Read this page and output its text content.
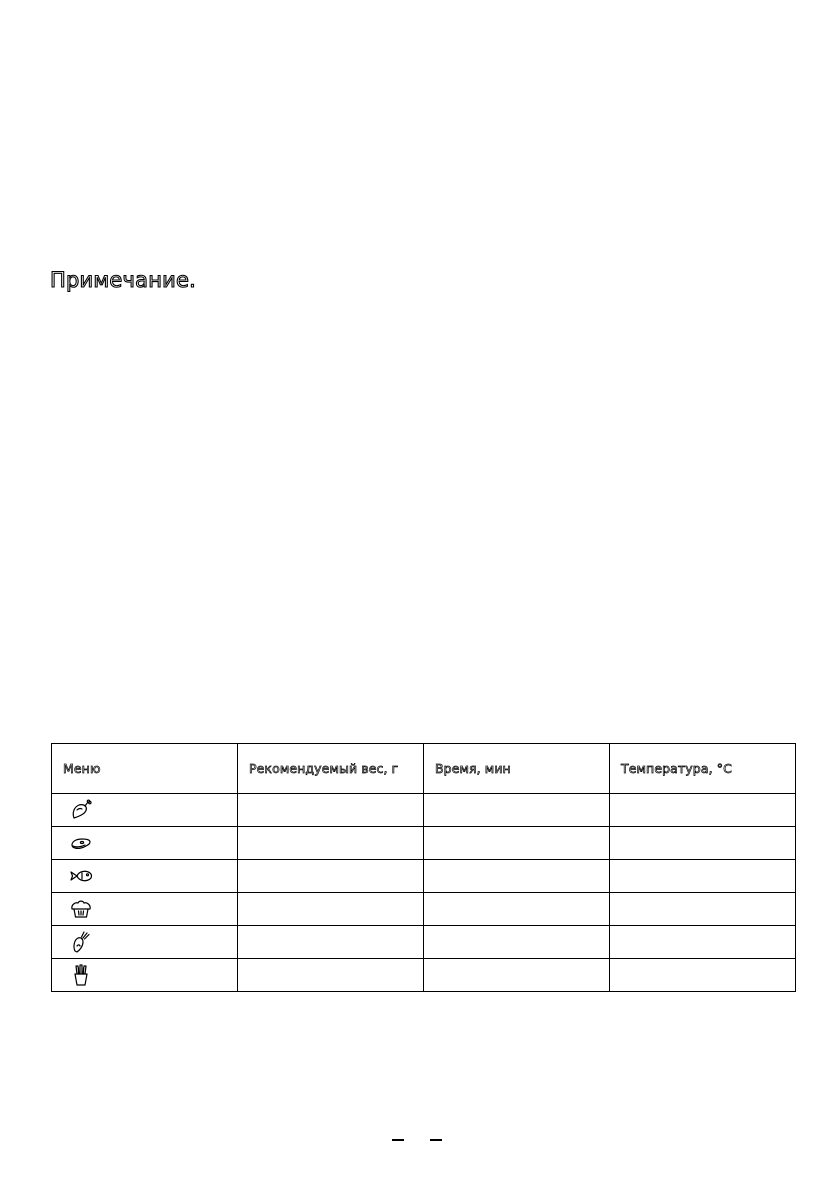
Примечание.
Меню	Рекомендуемый вес, г	Время, мин	Температура, °C
